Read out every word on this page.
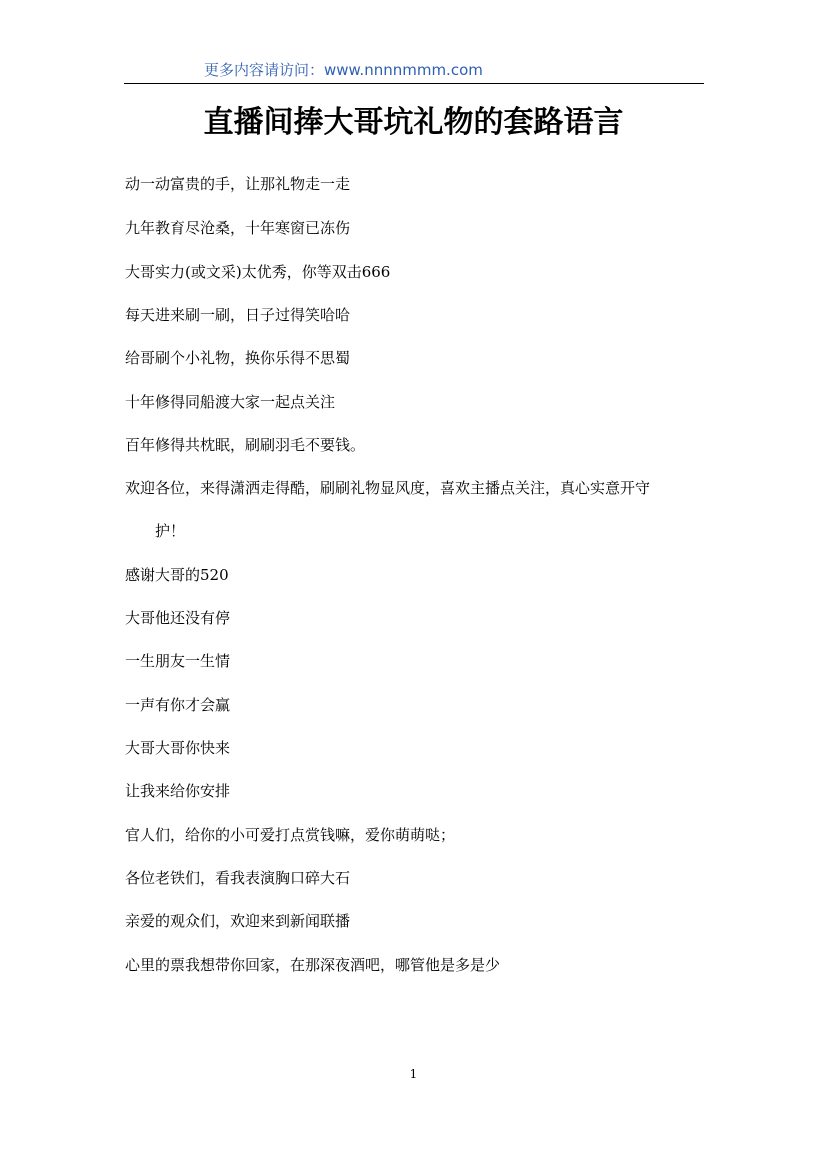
更多内容请访问：www.nnnnmmm.com
直播间捧大哥坑礼物的套路语言
动一动富贵的手，让那礼物走一走
九年教育尽沧桑，十年寒窗已冻伤
大哥实力(或文采)太优秀，你等双击666
每天进来刷一刷，日子过得笑哈哈
给哥刷个小礼物，换你乐得不思蜀
十年修得同船渡大家一起点关注
百年修得共枕眠，刷刷羽毛不要钱。
欢迎各位，来得潇洒走得酷，刷刷礼物显风度，喜欢主播点关注，真心实意开守
护！
感谢大哥的520
大哥他还没有停
一生朋友一生情
一声有你才会赢
大哥大哥你快来
让我来给你安排
官人们，给你的小可爱打点赏钱嘛，爱你萌萌哒；
各位老铁们，看我表演胸口碎大石
亲爱的观众们，欢迎来到新闻联播
心里的票我想带你回家，在那深夜酒吧，哪管他是多是少
1
